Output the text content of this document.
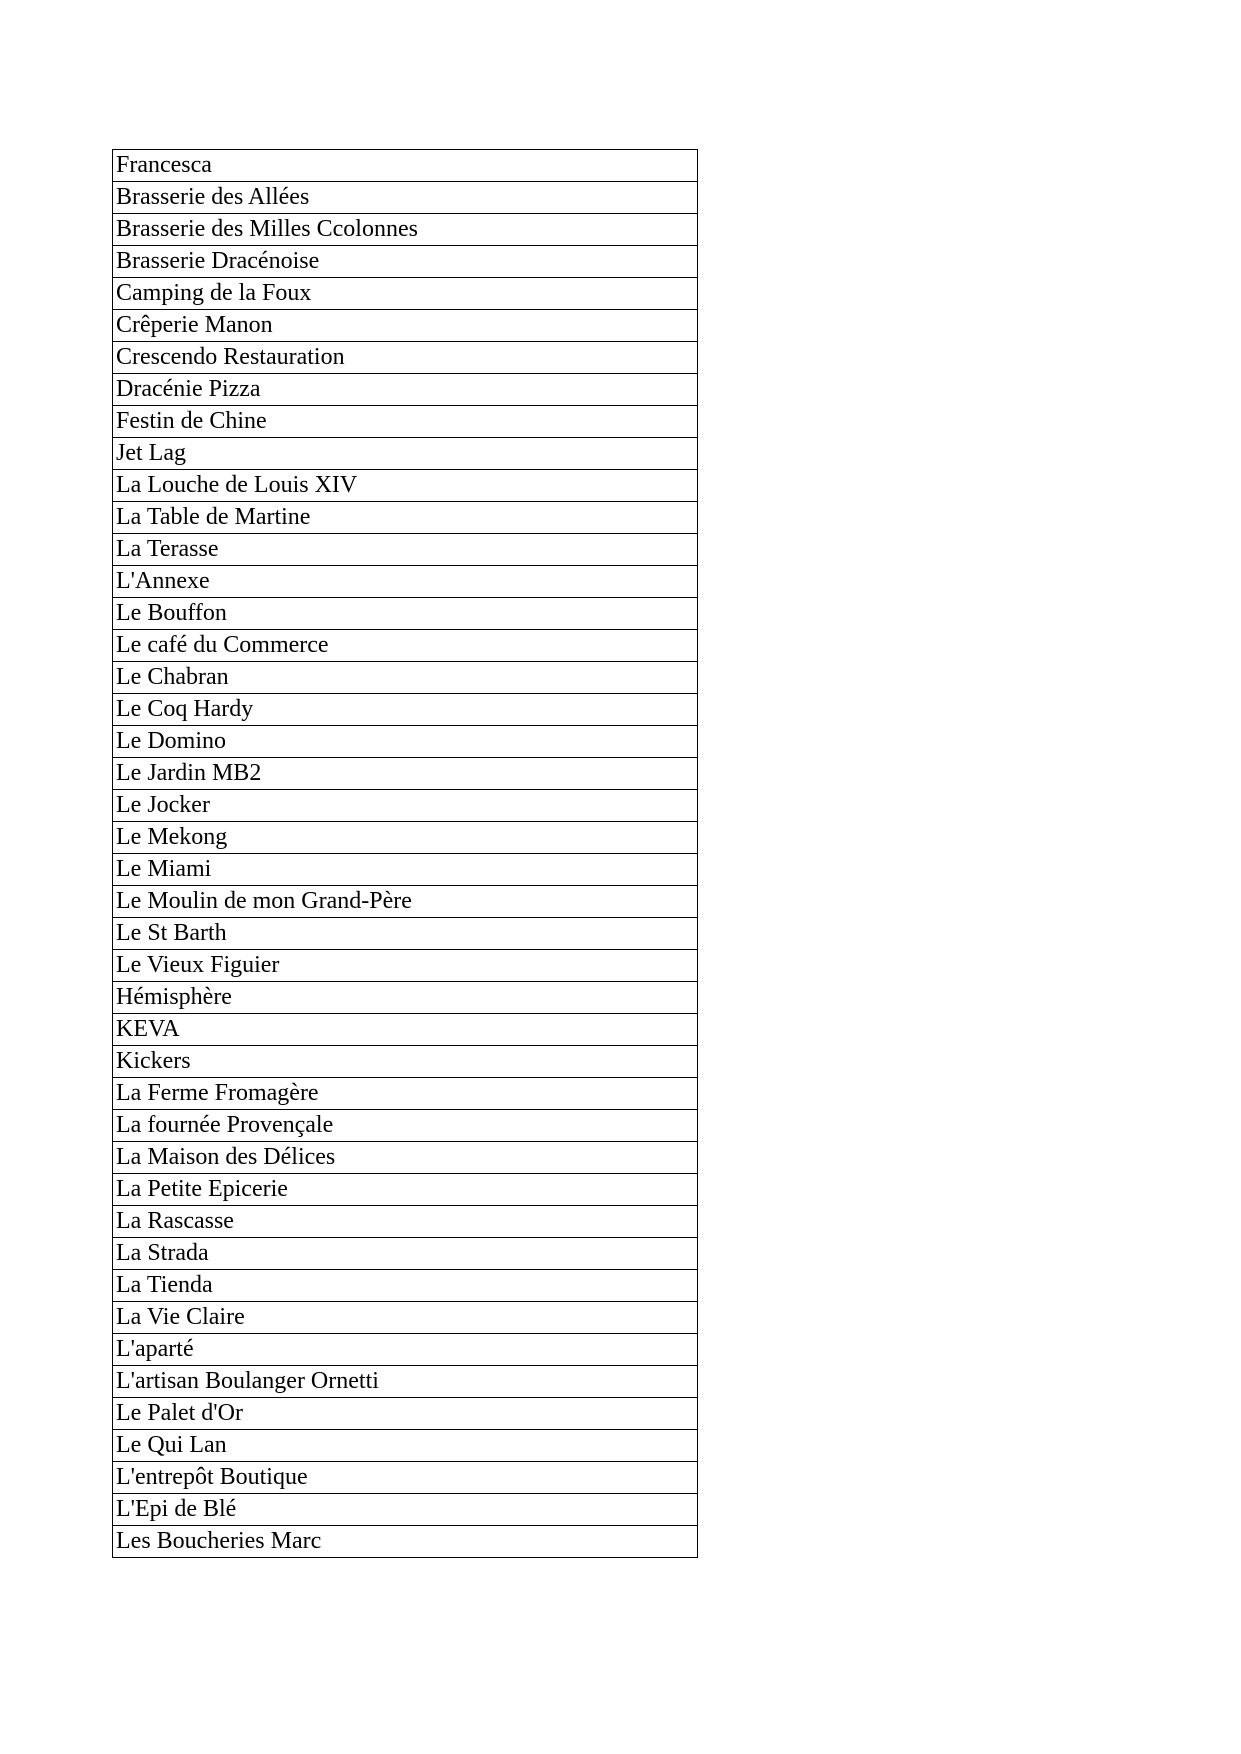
Francesca
Brasserie des Allées
Brasserie des Milles Ccolonnes
Brasserie Dracénoise
Camping de la Foux
Crêperie Manon
Crescendo Restauration
Dracénie Pizza
Festin de Chine
Jet Lag
La Louche de Louis XIV
La Table de Martine
La Terasse
L'Annexe
Le Bouffon
Le café du Commerce
Le Chabran
Le Coq Hardy
Le Domino
Le Jardin MB2
Le Jocker
Le Mekong
Le Miami
Le Moulin de mon Grand-Père
Le St Barth
Le Vieux Figuier
Hémisphère
KEVA
Kickers
La Ferme Fromagère
La fournée Provençale
La Maison des Délices
La Petite Epicerie
La Rascasse
La Strada
La Tienda
La Vie Claire
L'aparté
L'artisan Boulanger Ornetti
Le Palet d'Or
Le Qui Lan
L'entrepôt Boutique
L'Epi de Blé
Les Boucheries Marc
